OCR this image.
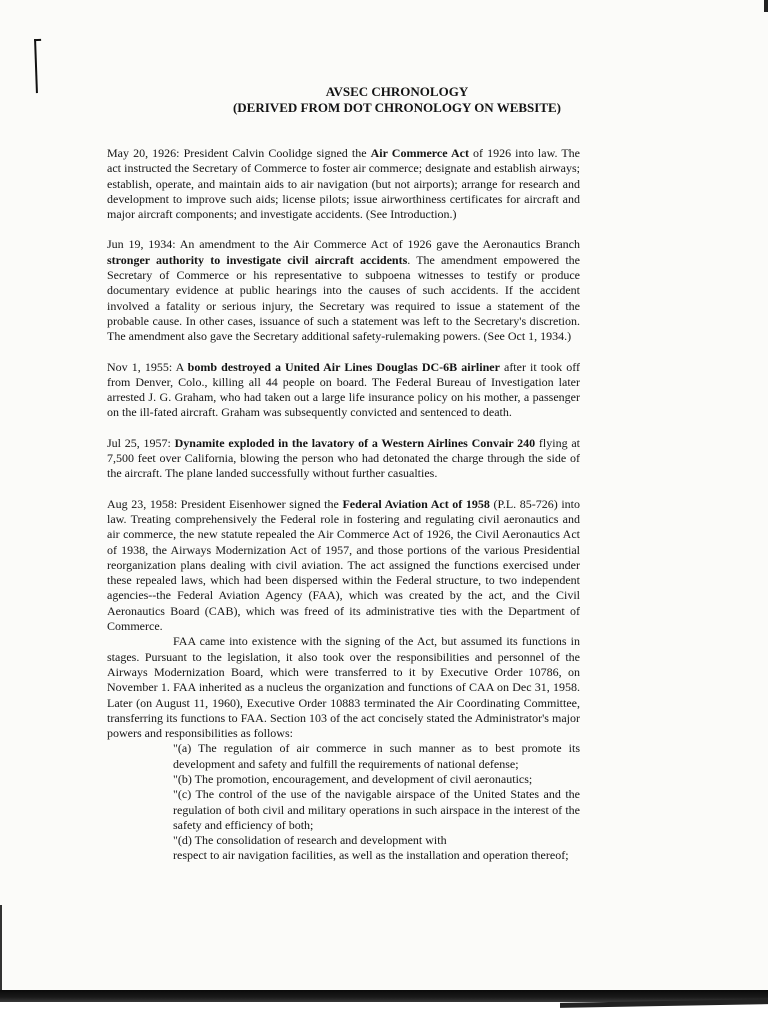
AVSEC CHRONOLOGY
(DERIVED FROM DOT CHRONOLOGY ON WEBSITE)

May 20, 1926: President Calvin Coolidge signed the Air Commerce Act of 1926 into law. The act instructed the Secretary of Commerce to foster air commerce; designate and establish airways; establish, operate, and maintain aids to air navigation (but not airports); arrange for research and development to improve such aids; license pilots; issue airworthiness certificates for aircraft and major aircraft components; and investigate accidents. (See Introduction.)

Jun 19, 1934: An amendment to the Air Commerce Act of 1926 gave the Aeronautics Branch stronger authority to investigate civil aircraft accidents. The amendment empowered the Secretary of Commerce or his representative to subpoena witnesses to testify or produce documentary evidence at public hearings into the causes of such accidents. If the accident involved a fatality or serious injury, the Secretary was required to issue a statement of the probable cause. In other cases, issuance of such a statement was left to the Secretary's discretion. The amendment also gave the Secretary additional safety-rulemaking powers. (See Oct 1, 1934.)

Nov 1, 1955: A bomb destroyed a United Air Lines Douglas DC-6B airliner after it took off from Denver, Colo., killing all 44 people on board. The Federal Bureau of Investigation later arrested J. G. Graham, who had taken out a large life insurance policy on his mother, a passenger on the ill-fated aircraft. Graham was subsequently convicted and sentenced to death.

Jul 25, 1957: Dynamite exploded in the lavatory of a Western Airlines Convair 240 flying at 7,500 feet over California, blowing the person who had detonated the charge through the side of the aircraft. The plane landed successfully without further casualties.

Aug 23, 1958: President Eisenhower signed the Federal Aviation Act of 1958 (P.L. 85-726) into law. Treating comprehensively the Federal role in fostering and regulating civil aeronautics and air commerce, the new statute repealed the Air Commerce Act of 1926, the Civil Aeronautics Act of 1938, the Airways Modernization Act of 1957, and those portions of the various Presidential reorganization plans dealing with civil aviation. The act assigned the functions exercised under these repealed laws, which had been dispersed within the Federal structure, to two independent agencies--the Federal Aviation Agency (FAA), which was created by the act, and the Civil Aeronautics Board (CAB), which was freed of its administrative ties with the Department of Commerce.

FAA came into existence with the signing of the Act, but assumed its functions in stages. Pursuant to the legislation, it also took over the responsibilities and personnel of the Airways Modernization Board, which were transferred to it by Executive Order 10786, on November 1. FAA inherited as a nucleus the organization and functions of CAA on Dec 31, 1958. Later (on August 11, 1960), Executive Order 10883 terminated the Air Coordinating Committee, transferring its functions to FAA. Section 103 of the act concisely stated the Administrator's major powers and responsibilities as follows:

"(a) The regulation of air commerce in such manner as to best promote its development and safety and fulfill the requirements of national defense;

"(b) The promotion, encouragement, and development of civil aeronautics;

"(c) The control of the use of the navigable airspace of the United States and the regulation of both civil and military operations in such airspace in the interest of the safety and efficiency of both;

"(d) The consolidation of research and development with

respect to air navigation facilities, as well as the installation and operation thereof;
